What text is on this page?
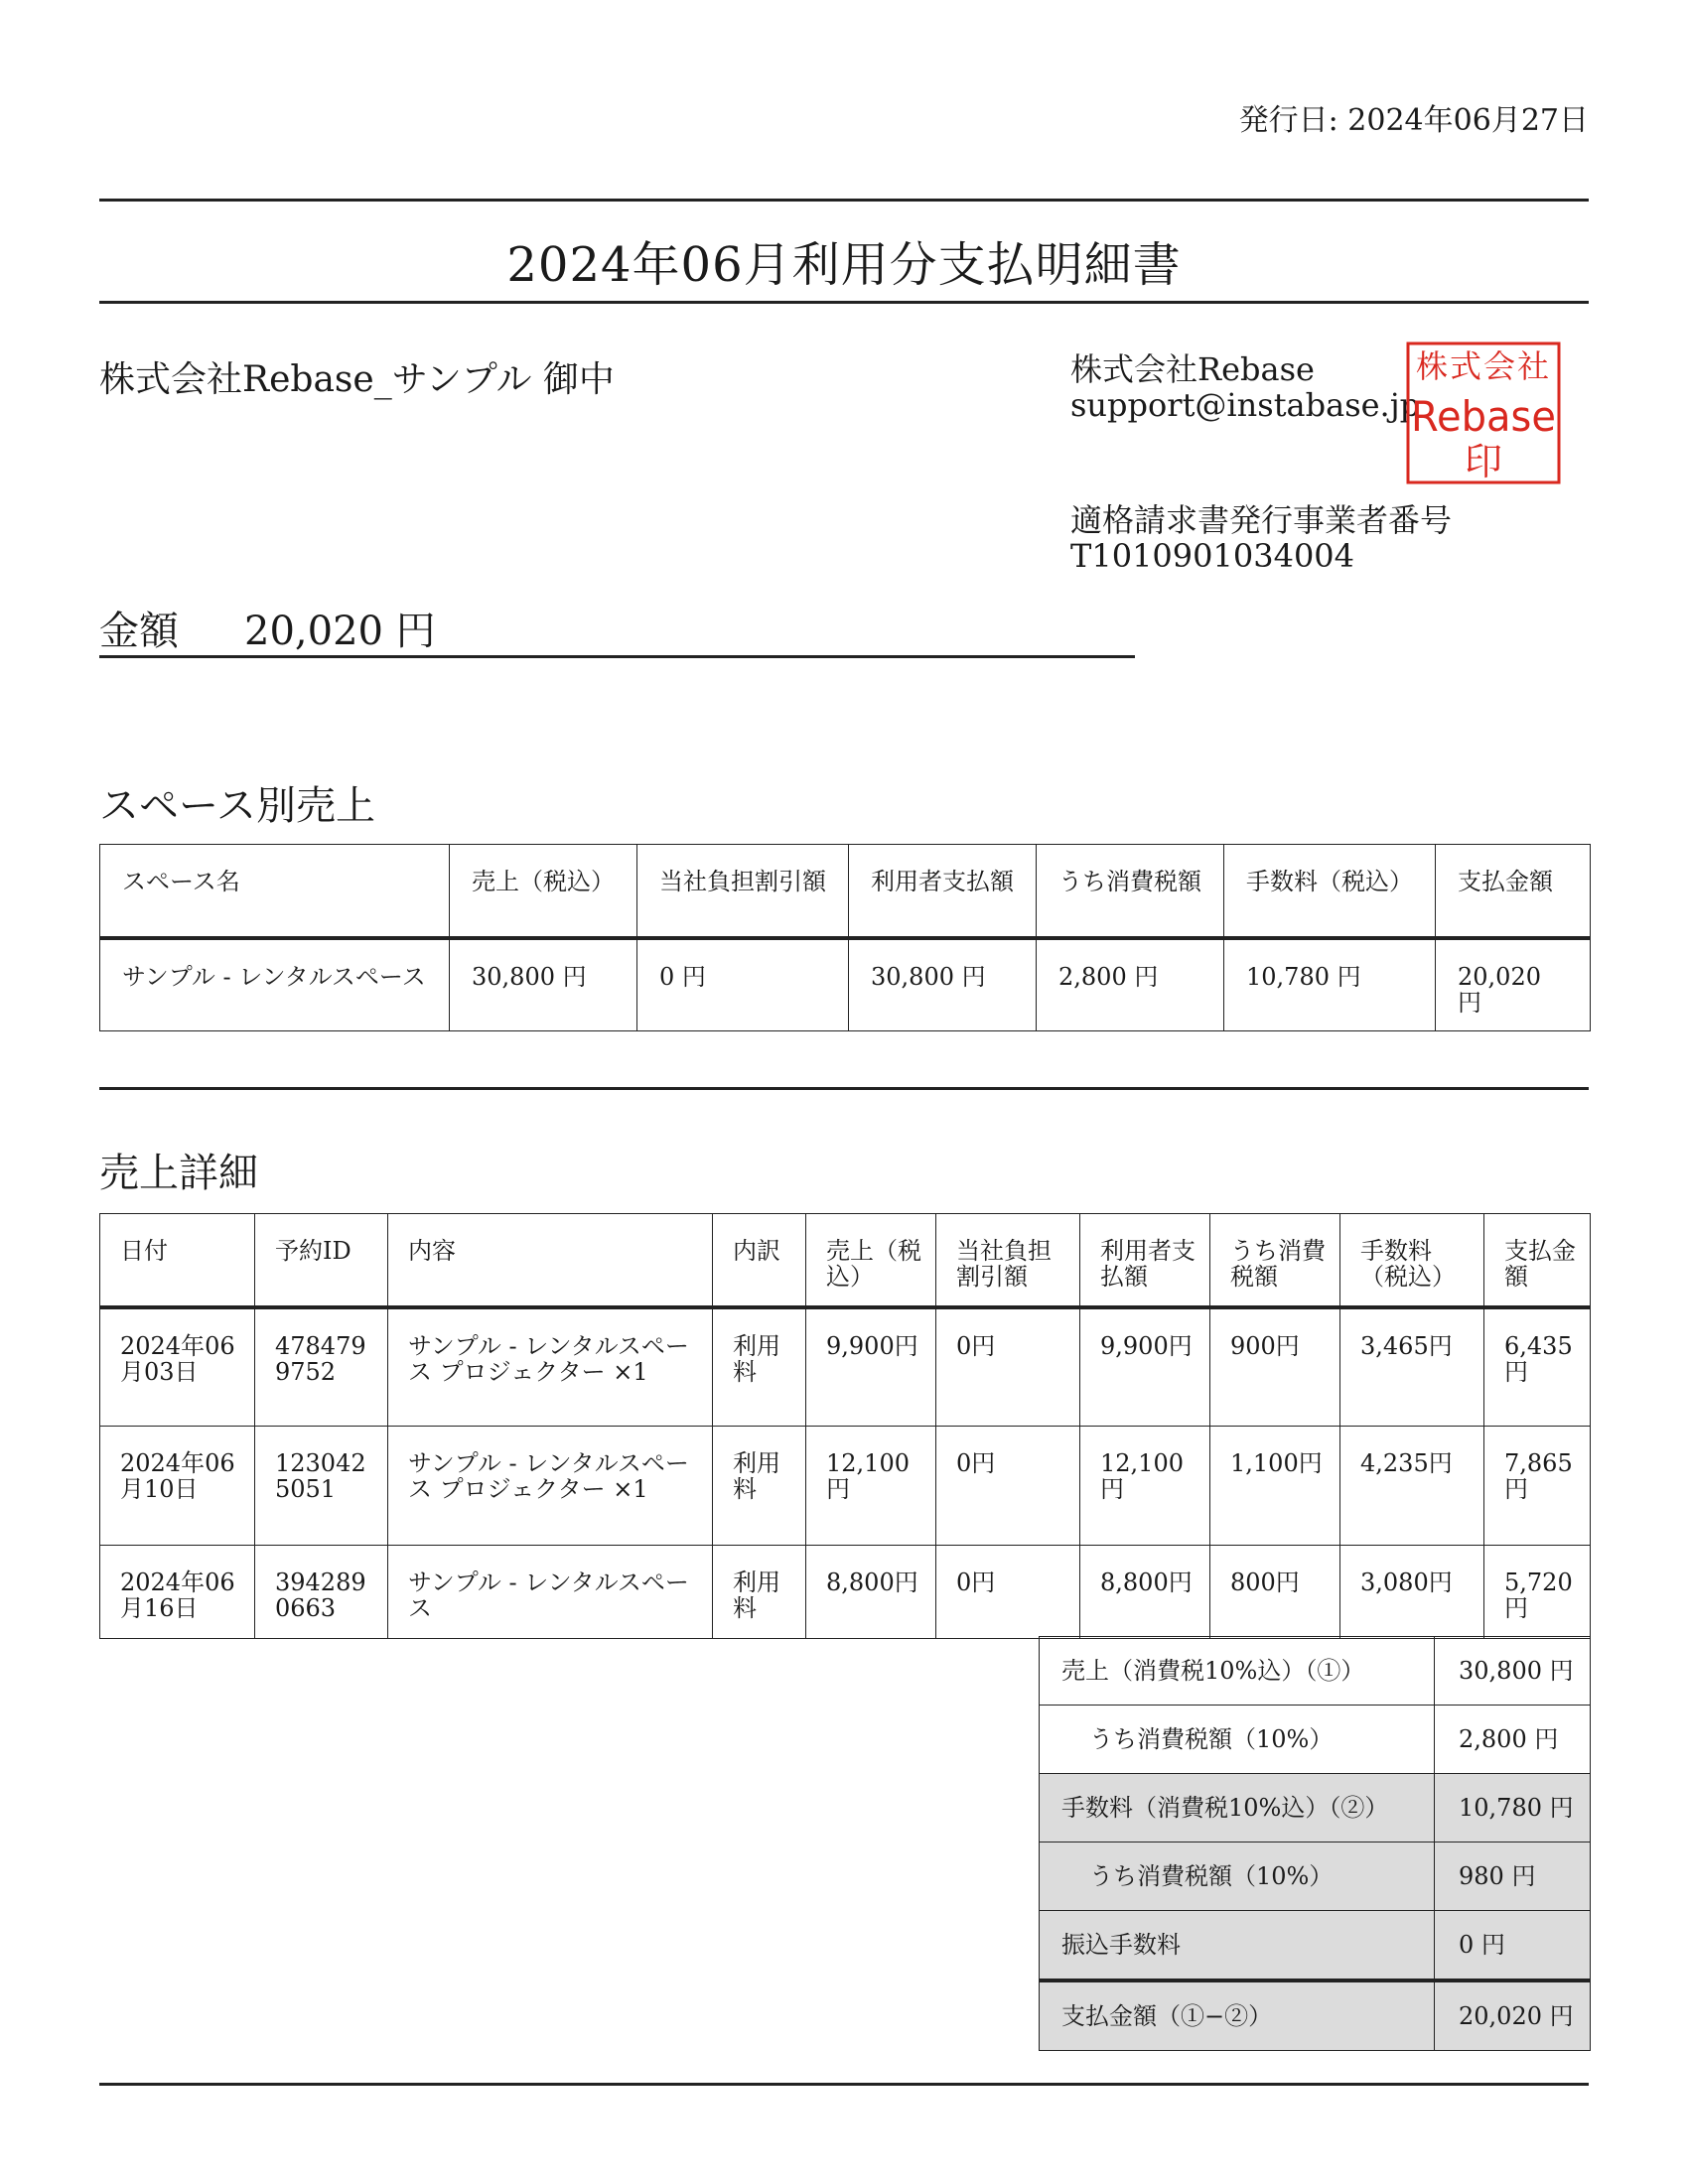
発行日: 2024年06月27日
2024年06月利用分支払明細書
株式会社Rebase_サンプル 御中	株式会社Rebase
support@instabase.jp
適格請求書発行事業者番号
T1010901034004
株式会社
Rebase
印
金額 20,020 円
スペース別売上
スペース名	売上（税込）	当社負担割引額	利用者支払額	うち消費税額	手数料（税込）	支払金額
サンプル - レンタルスペース	30,800 円	0 円	30,800 円	2,800 円	10,780 円	20,020 円
売上詳細
日付	予約ID	内容	内訳	売上（税込）	当社負担割引額	利用者支払額	うち消費税額	手数料（税込）	支払金額
2024年06月03日	4784799752	サンプル - レンタルスペース プロジェクター ×1	利用料	9,900円	0円	9,900円	900円	3,465円	6,435円
2024年06月10日	1230425051	サンプル - レンタルスペース プロジェクター ×1	利用料	12,100円	0円	12,100円	1,100円	4,235円	7,865円
2024年06月16日	3942890663	サンプル - レンタルスペース	利用料	8,800円	0円	8,800円	800円	3,080円	5,720円
売上（消費税10%込）（①）	30,800 円
うち消費税額（10%）	2,800 円
手数料（消費税10%込）（②）	10,780 円
うち消費税額（10%）	980 円
振込手数料	0 円
支払金額（①−②）	20,020 円
